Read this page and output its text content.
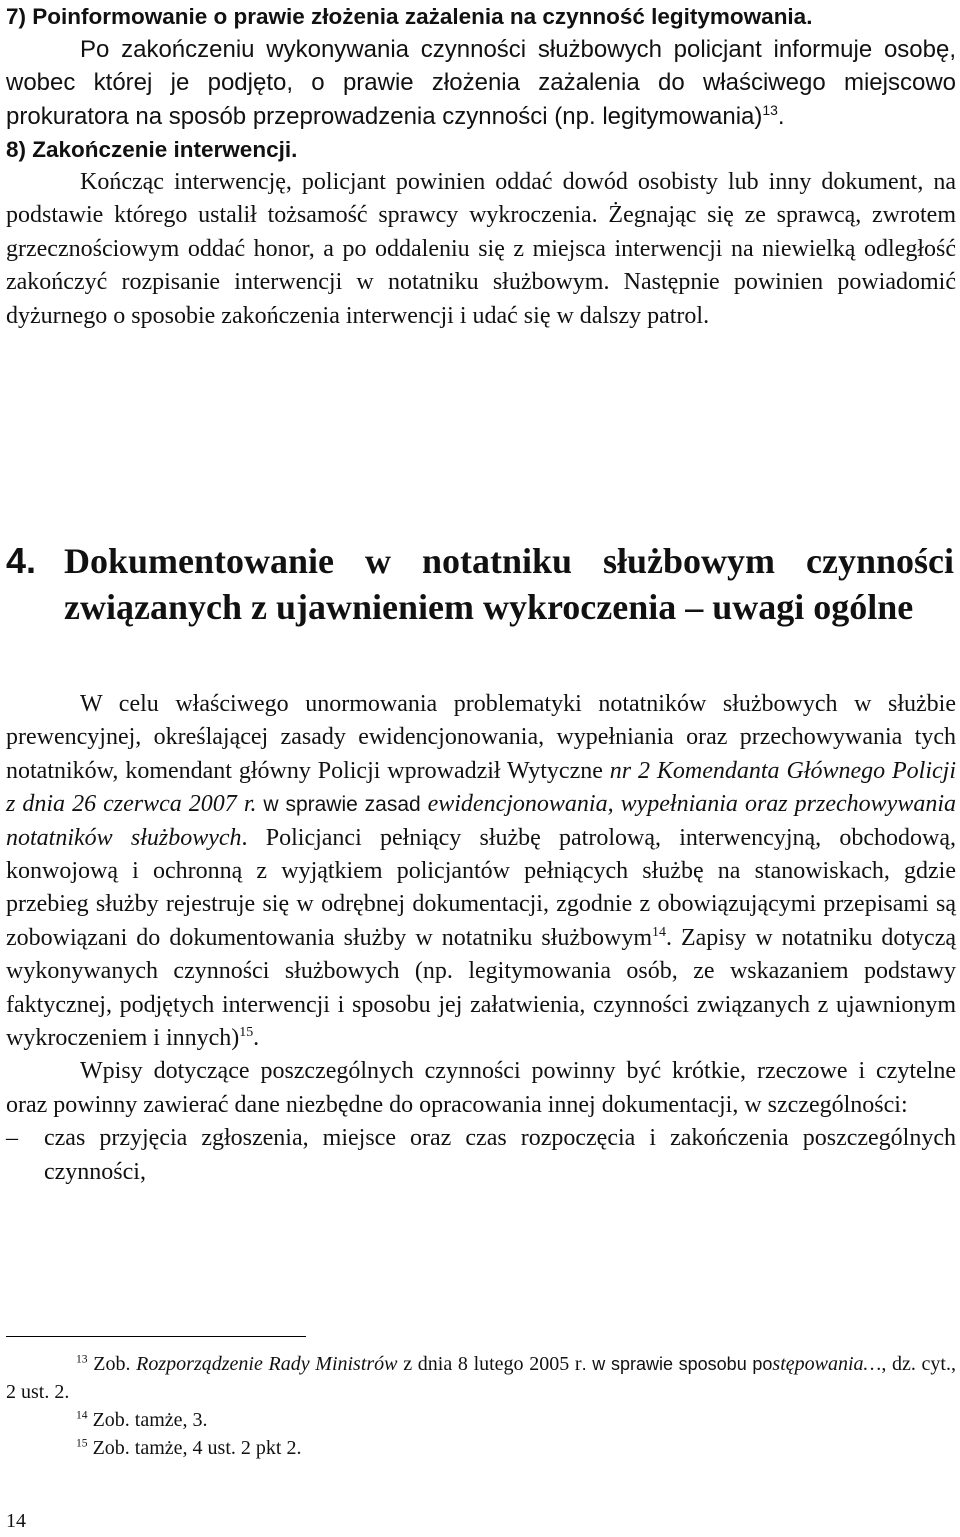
7) Poinformowanie o prawie złożenia zażalenia na czynność legitymowania.

Po zakończeniu wykonywania czynności służbowych policjant informuje osobę, wobec której je podjęto, o prawie złożenia zażalenia do właściwego miejscowo prokuratora na sposób przeprowadzenia czynności (np. legitymowania)$^{13}$.

8) Zakończenie interwencji.

Kończąc interwencję, policjant powinien oddać dowód osobisty lub inny dokument, na podstawie którego ustalił tożsamość sprawcy wykroczenia. Żegnając się ze sprawcą, zwrotem grzecznościowym oddać honor, a po oddaleniu się z miejsca interwencji na niewielką odległość zakończyć rozpisanie interwencji w notatniku służbowym. Następnie powinien powiadomić dyżurnego o sposobie zakończenia interwencji i udać się w dalszy patrol.

4. Dokumentowanie w notatniku służbowym czynności
związanych z ujawnieniem wykroczenia – uwagi ogólne

W celu właściwego unormowania problematyki notatników służbowych w służbie prewencyjnej, określającej zasady ewidencjonowania, wypełniania oraz przechowywania tych notatników, komendant główny Policji wprowadził Wytyczne nr 2 Komendanta Głównego Policji z dnia 26 czerwca 2007 r. w sprawie zasad ewidencjonowania, wypełniania oraz przechowywania notatników służbowych. Policjanci pełniący służbę patrolową, interwencyjną, obchodową, konwojową i ochronną z wyjątkiem policjantów pełniących służbę na stanowiskach, gdzie przebieg służby rejestruje się w odrębnej dokumentacji, zgodnie z obowiązującymi przepisami są zobowiązani do dokumentowania służby w notatniku służbowym$^{14}$. Zapisy w notatniku dotyczą wykonywanych czynności służbowych (np. legitymowania osób, ze wskazaniem podstawy faktycznej, podjętych interwencji i sposobu jej załatwienia, czynności związanych z ujawnionym wykroczeniem i innych)$^{15}$.

Wpisy dotyczące poszczególnych czynności powinny być krótkie, rzeczowe i czytelne oraz powinny zawierać dane niezbędne do opracowania innej dokumentacji, w szczególności:

– czas przyjęcia zgłoszenia, miejsce oraz czas rozpoczęcia i zakończenia poszczególnych czynności,

$^{13}$ Zob. Rozporządzenie Rady Ministrów z dnia 8 lutego 2005 r. w sprawie sposobu postępowania…, dz. cyt., 2 ust. 2.

$^{14}$ Zob. tamże, 3.

$^{15}$ Zob. tamże, 4 ust. 2 pkt 2.

14
